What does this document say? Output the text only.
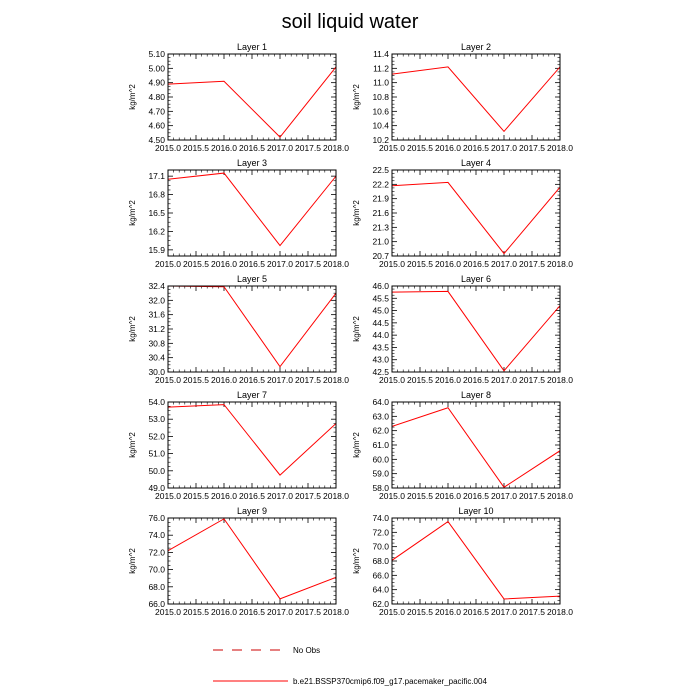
soil liquid water
Layer 1
kg/m^2
2015.0 2015.5 2016.0 2016.5 2017.0 2017.5 2018.0
4.50
4.60
4.70
4.80
4.90
5.00
5.10
Layer 2
kg/m^2
2015.0 2015.5 2016.0 2016.5 2017.0 2017.5 2018.0
10.2
10.4
10.6
10.8
11.0
11.2
11.4
Layer 3
kg/m^2
2015.0 2015.5 2016.0 2016.5 2017.0 2017.5 2018.0
15.9
16.2
16.5
16.8
17.1
Layer 4
kg/m^2
2015.0 2015.5 2016.0 2016.5 2017.0 2017.5 2018.0
20.7
21.0
21.3
21.6
21.9
22.2
22.5
Layer 5
kg/m^2
2015.0 2015.5 2016.0 2016.5 2017.0 2017.5 2018.0
30.0
30.4
30.8
31.2
31.6
32.0
32.4
Layer 6
kg/m^2
2015.0 2015.5 2016.0 2016.5 2017.0 2017.5 2018.0
42.5
43.0
43.5
44.0
44.5
45.0
45.5
46.0
Layer 7
kg/m^2
2015.0 2015.5 2016.0 2016.5 2017.0 2017.5 2018.0
49.0
50.0
51.0
52.0
53.0
54.0
Layer 8
kg/m^2
2015.0 2015.5 2016.0 2016.5 2017.0 2017.5 2018.0
58.0
59.0
60.0
61.0
62.0
63.0
64.0
Layer 9
kg/m^2
2015.0 2015.5 2016.0 2016.5 2017.0 2017.5 2018.0
66.0
68.0
70.0
72.0
74.0
76.0
Layer 10
kg/m^2
2015.0 2015.5 2016.0 2016.5 2017.0 2017.5 2018.0
62.0
64.0
66.0
68.0
70.0
72.0
74.0
No Obs
b.e21.BSSP370cmip6.f09_g17.pacemaker_pacific.004
